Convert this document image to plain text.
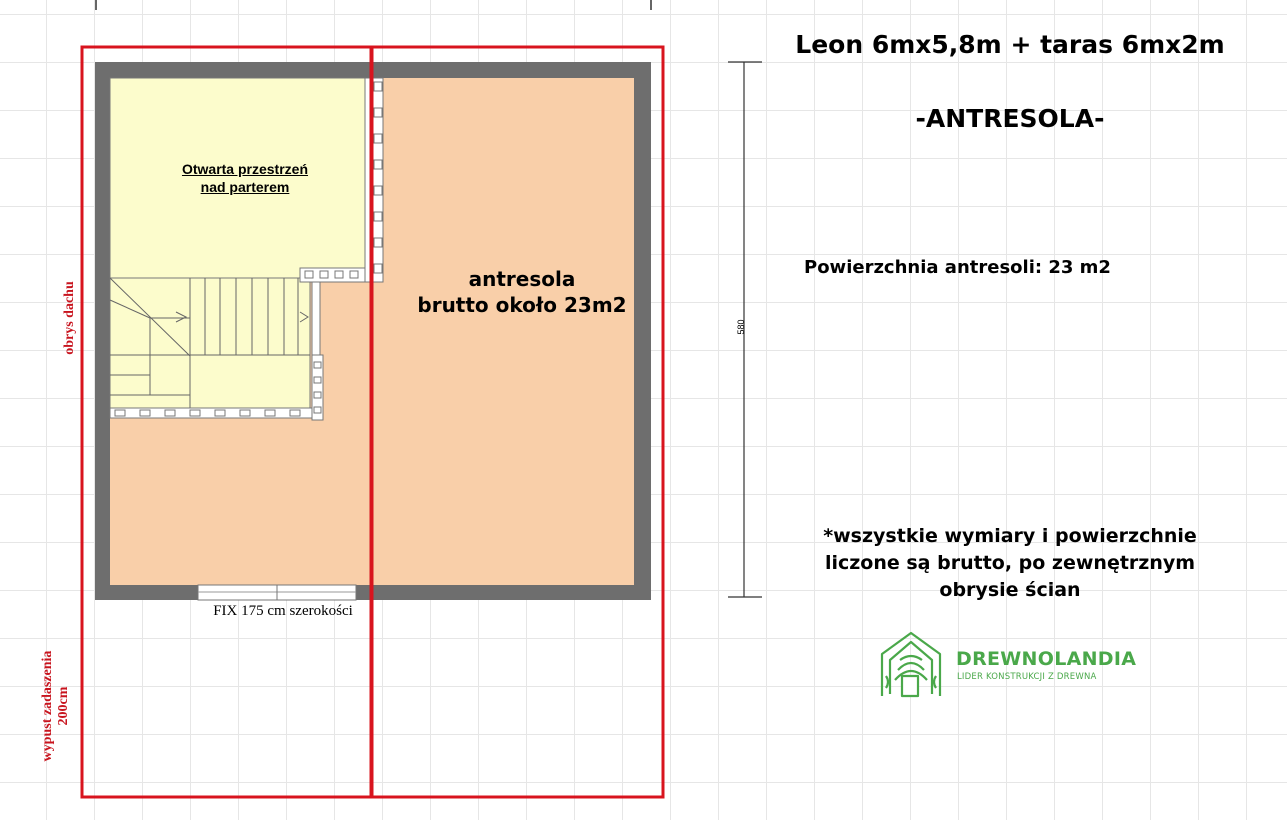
Leon 6mx5,8m + taras 6mx2m
-ANTRESOLA-
Powierzchnia antresoli: 23 m2
*wszystkie wymiary i powierzchnie liczone są brutto, po zewnętrznym obrysie ścian
antresola
brutto około 23m2
Otwarta przestrzeń
nad parterem
FIX 175 cm szerokości
580
obrys dachu
wypust zadaszenia 200cm
DREWNOLANDIA
LIDER KONSTRUKCJI Z DREWNA
